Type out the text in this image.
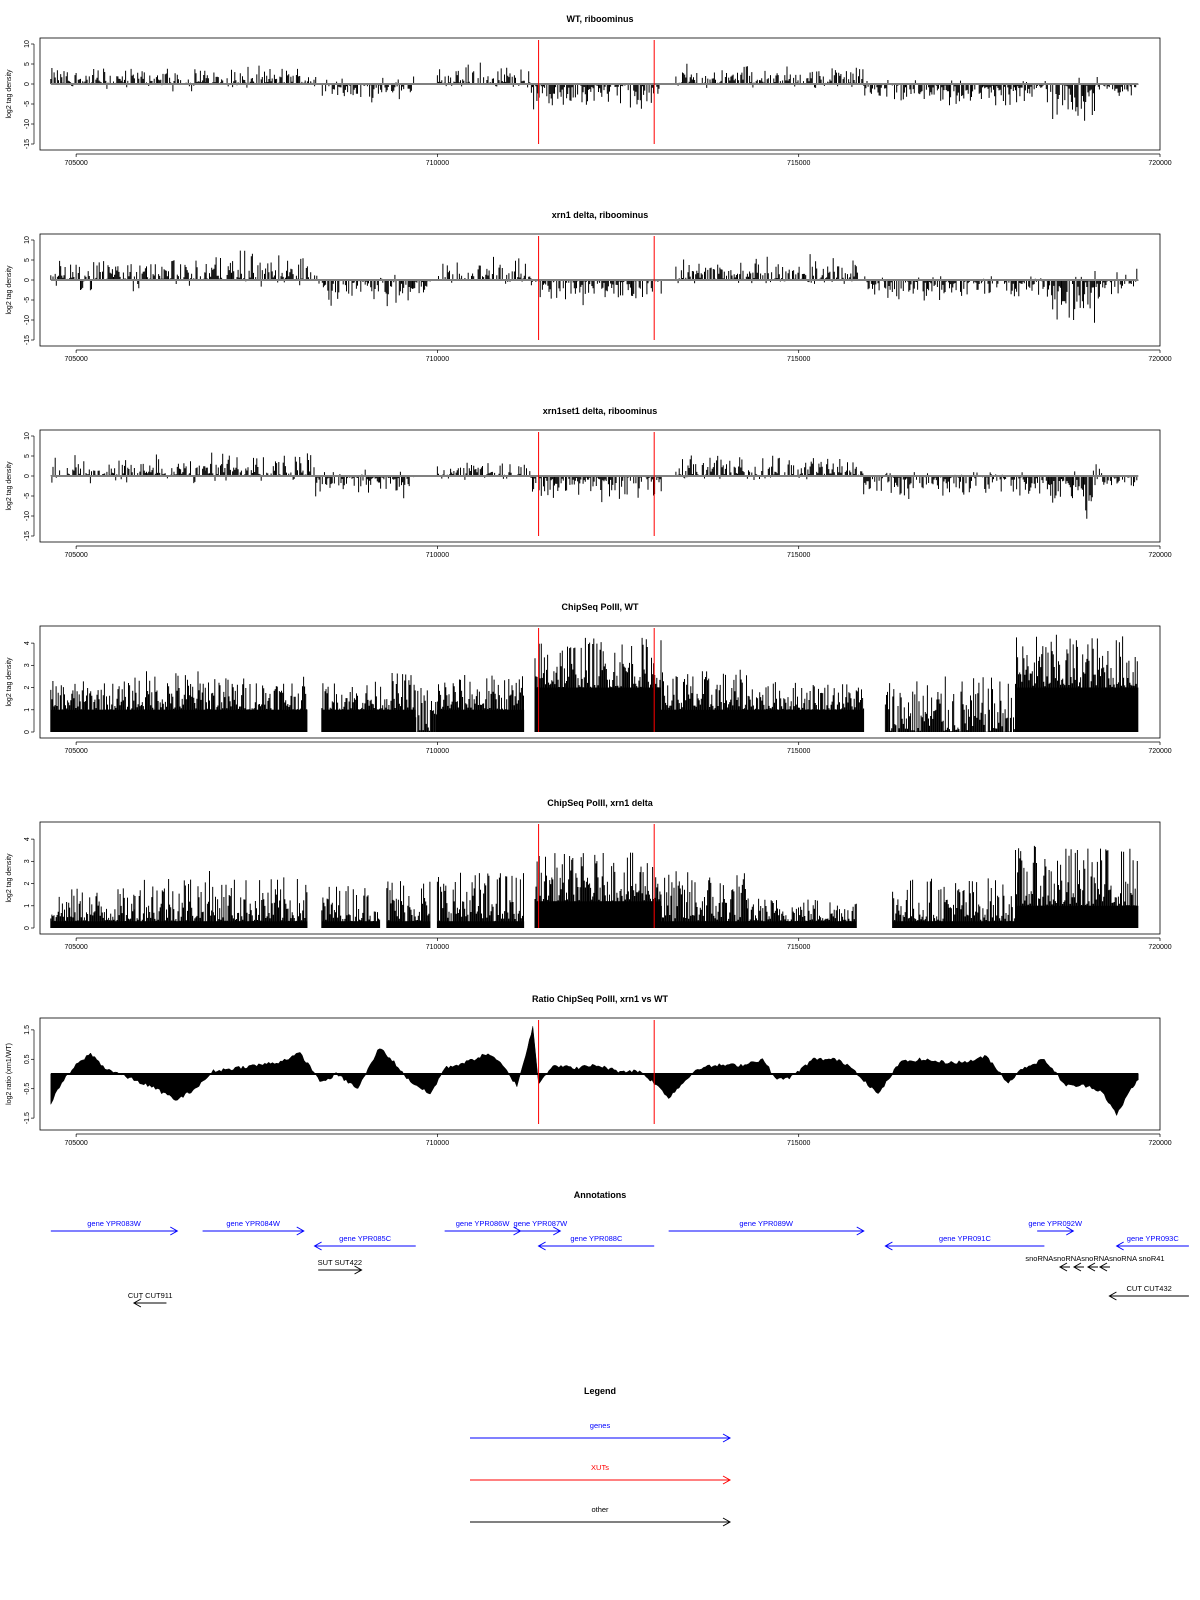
WT, riboominus
10
5
0
-5
-10
-15
log2 tag density
705000	710000	715000	720000
xrn1 delta, riboominus
10
5
0
-5
-10
-15
log2 tag density
705000	710000	715000	720000
xrn1set1 delta, riboominus
10
5
0
-5
-10
-15
log2 tag density
705000	710000	715000	720000
ChipSeq PolII, WT
0
1
2
3
4
log2 tag density
705000	710000	715000	720000
ChipSeq PolII, xrn1 delta
0
1
2
3
4
log2 tag density
705000	710000	715000	720000
Ratio ChipSeq PolII, xrn1 vs WT
1.5
0.5
-0.5
-1.5
log2 ratio (xrn1/WT)
705000	710000	715000	720000
Annotations
gene YPR083W	gene YPR084W
gene YPR085C
gene YPR086W gene YPR087W
gene YPR088C
gene YPR089W
gene YPR091C
gene YPR092W
gene YPR093C
SUT SUT422
CUT CUT911
CUT CUT432
snoRNAsnoRNAsnoRNAsnoRNA snoR41
Legend
genes
XUTs
other
